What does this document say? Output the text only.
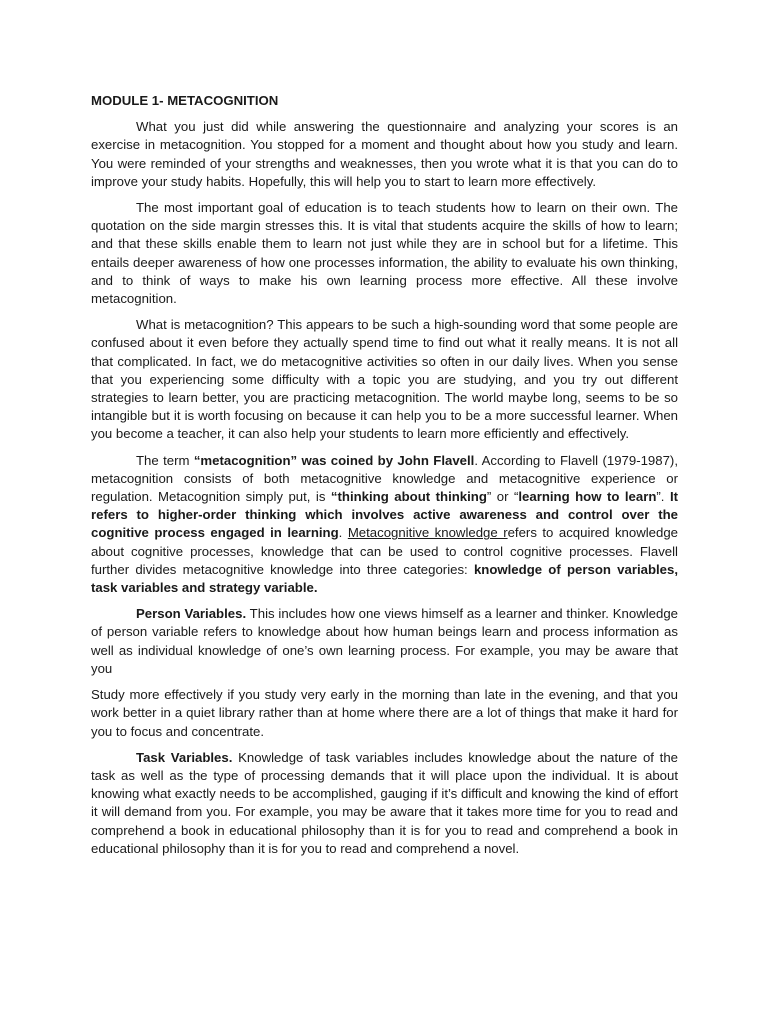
MODULE 1- METACOGNITION

What you just did while answering the questionnaire and analyzing your scores is an exercise in metacognition. You stopped for a moment and thought about how you study and learn. You were reminded of your strengths and weaknesses, then you wrote what it is that you can do to improve your study habits. Hopefully, this will help you to start to learn more effectively.

The most important goal of education is to teach students how to learn on their own. The quotation on the side margin stresses this. It is vital that students acquire the skills of how to learn; and that these skills enable them to learn not just while they are in school but for a lifetime. This entails deeper awareness of how one processes information, the ability to evaluate his own thinking, and to think of ways to make his own learning process more effective. All these involve metacognition.

What is metacognition? This appears to be such a high-sounding word that some people are confused about it even before they actually spend time to find out what it really means. It is not all that complicated. In fact, we do metacognitive activities so often in our daily lives. When you sense that you experiencing some difficulty with a topic you are studying, and you try out different strategies to learn better, you are practicing metacognition. The world maybe long, seems to be so intangible but it is worth focusing on because it can help you to be a more successful learner. When you become a teacher, it can also help your students to learn more efficiently and effectively.

The term “metacognition” was coined by John Flavell. According to Flavell (1979-1987), metacognition consists of both metacognitive knowledge and metacognitive experience or regulation. Metacognition simply put, is “thinking about thinking” or “learning how to learn”. It refers to higher-order thinking which involves active awareness and control over the cognitive process engaged in learning. Metacognitive knowledge refers to acquired knowledge about cognitive processes, knowledge that can be used to control cognitive processes. Flavell further divides metacognitive knowledge into three categories: knowledge of person variables, task variables and strategy variable.

Person Variables. This includes how one views himself as a learner and thinker. Knowledge of person variable refers to knowledge about how human beings learn and process information as well as individual knowledge of one’s own learning process. For example, you may be aware that you

Study more effectively if you study very early in the morning than late in the evening, and that you work better in a quiet library rather than at home where there are a lot of things that make it hard for you to focus and concentrate.

Task Variables. Knowledge of task variables includes knowledge about the nature of the task as well as the type of processing demands that it will place upon the individual. It is about knowing what exactly needs to be accomplished, gauging if it’s difficult and knowing the kind of effort it will demand from you. For example, you may be aware that it takes more time for you to read and comprehend a book in educational philosophy than it is for you to read and comprehend a book in educational philosophy than it is for you to read and comprehend a novel.
